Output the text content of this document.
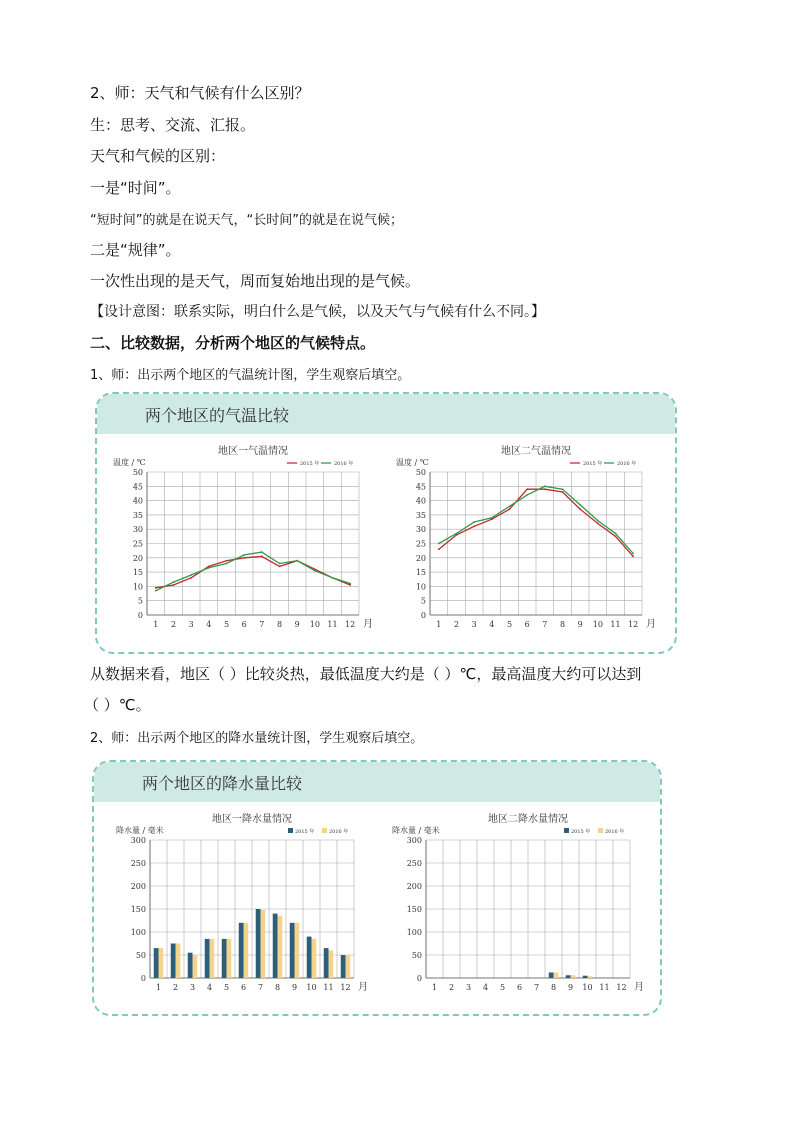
2、师：天气和气候有什么区别？
生：思考、交流、汇报。
天气和气候的区别：
一是“时间”。
“短时间”的就是在说天气，“长时间”的就是在说气候；
二是“规律”。
一次性出现的是天气，周而复始地出现的是气候。
【设计意图：联系实际，明白什么是气候，以及天气与气候有什么不同。】
二、比较数据，分析两个地区的气候特点。
1、师：出示两个地区的气温统计图，学生观察后填空。
两个地区的气温比较
地区一气温情况
温度 / ℃	2015 年	2016 年
0
5
10
15
20
25
30
35
40
45
50
1 2 3 4 5 6 7 8 9 10 11 12 月
地区二气温情况
温度 / ℃	2015 年	2016 年
0
5
10
15
20
25
30
35
40
45
50
1 2 3 4 5 6 7 8 9 10 11 12 月
从数据来看，地区（ ）比较炎热，最低温度大约是（ ）℃，最高温度大约可以达到
（ ）℃。
2、师：出示两个地区的降水量统计图，学生观察后填空。
两个地区的降水量比较
地区一降水量情况
降水量 / 毫米	2015 年	2016 年
0
50
100
150
200
250
300
1 2 3 4 5 6 7 8 9 10 11 12 月
地区二降水量情况
降水量 / 毫米	2015 年	2016 年
0
50
100
150
200
250
300
1 2 3 4 5 6 7 8 9 10 11 12 月
